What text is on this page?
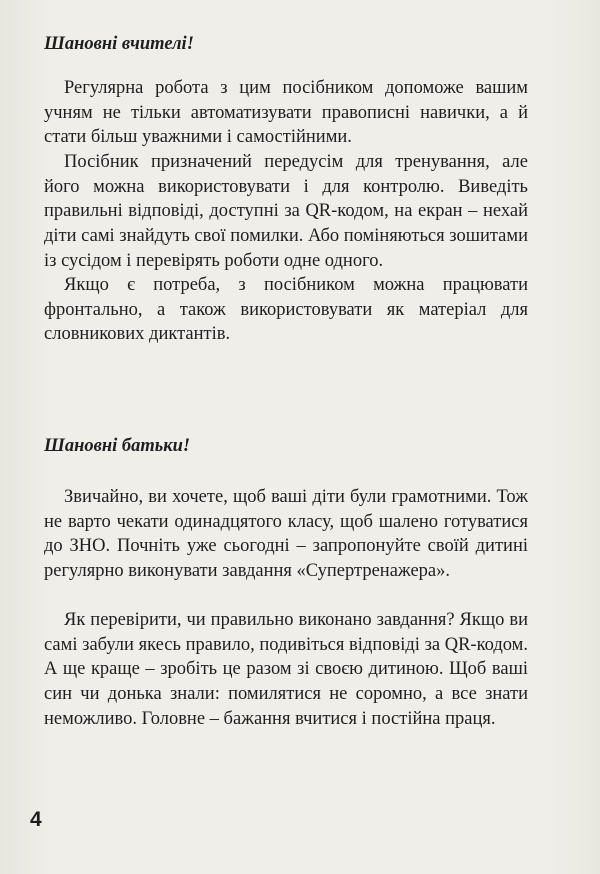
Шановні вчителі!

Регулярна робота з цим посібником допоможе вашим учням не тільки автоматизувати правописні навички, а й стати більш уважними і самостійними.

Посібник призначений передусім для тренування, але його можна використовувати і для контролю. Виведіть правильні відповіді, доступні за QR-кодом, на екран – нехай діти самі знайдуть свої помилки. Або поміняються зошитами із сусідом і перевірять роботи одне одного.

Якщо є потреба, з посібником можна працювати фронтально, а також використовувати як матеріал для словникових диктантів.

Шановні батьки!

Звичайно, ви хочете, щоб ваші діти були грамотними. Тож не варто чекати одинадцятого класу, щоб шалено готуватися до ЗНО. Почніть уже сьогодні – запропонуйте своїй дитині регулярно виконувати завдання «Супертренажера».

Як перевірити, чи правильно виконано завдання? Якщо ви самі забули якесь правило, подивіться відповіді за QR-кодом. А ще краще – зробіть це разом зі своєю дитиною. Щоб ваші син чи донька знали: помилятися не соромно, а все знати неможливо. Головне – бажання вчитися і постійна праця.

4
